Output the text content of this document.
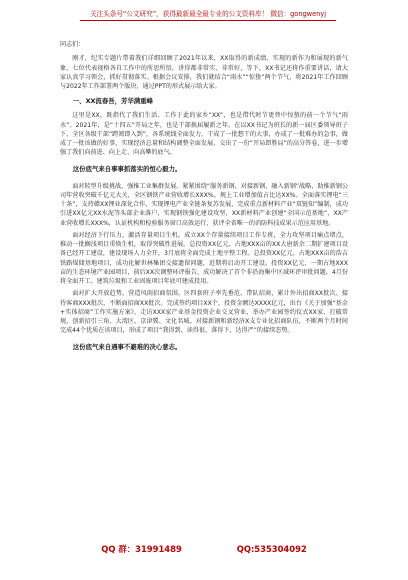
关注头条号“公文研究”，获得最新最全最专业的公文资料库！ 微信：gongwenyj

同志们：

刚才，纪实专题片带着我们详细回顾了2021年以来，XX取得的新成绩、实现的新作为和展现的新气象，七位代表视格各自工作中的所思所悟，讲得都非常实、非常好，等下，XX书记还将作重要讲话，请大家认真学习领会，抓好贯彻落实。根据会议安排，我们就结合“雨水”“惊蛰”两个节气，将2021年工作回顾与2022年工作部署两个版块，通过PPT的形式展示给大家。

一、XX流春吾，芳华满重峰

这里是XX，既指代了我们生活、工作于此的家乡“XX”，也是借代时节更替中惊蛰的前一个节气“雨水”。2021年，是“十四五”开局之年，也是干部换届履新之年。在以XX书记为班长的新一届区委领导班子下，全区各级干部“跨阅即入到”，各系统线全面发力，干成了一批想干的大事，办成了一批难办的急事，做成了一批该做的好事，实现经济总量和结构调整全面发展，交出了一份“开局即胜局”的高分答卷，进一步增强了我们向前进、向上走、向高攀的底气。

这份底气来自事事抓落实的恒心毅力。

面对转型升级挑战，强推工业集群发展。紧紧围绕“服务新钢、对接新钢、融入新钢”战略，助推新钢公司年营收突破千亿元大关，全区钢铁产业营收增长XXX%。规上工业增加值占比达XX%。全面落实锂电“三十条”，支持赣XX锂业深化合作，实现锂电产业全链条复苏发展，完成重点新材料产业“双链知”编制，成功引进XX亿元XX水泥等头部企业落户，实现钢铁强化建设攻坚，XX新材料产业创建“全国示范基地”，XX产业营收增长XXX%，认证机构和检验服务窗口高效运行，获评全省唯一的消防科技成果示范应用基地。

面对经济下行压力，激活存量项目生机。成立XX个存量接续项目工作专班，全力攻坚项目痛点堵点，推动一批搁浅项目重焕生机，取得突破性进展。总投资XX亿元、占地XXX亩的XX大唐新余二期扩建项目设备已经开工建设，建设现场人力全开，3月底将全面完成土地平整工程。总投资XX亿元、占地XXX亩的浩吉铁路煤储基地项目，成功化解世林集团交接遗留问题，近期将启动开工建设。投资XX亿元、一期占地XXX亩的生态环境产业园项目，前后XX次调整环评报告，成功解决了首个非沿海集中区域环评审批问题，4月份将全面开工。建筑垃圾和工业固废项目年底可建成投用。

面对扩大开放趋势，营造风雨招商氛围。区四套班子率先垂范、带队招商，累计外出招商XX批次、接待客商XXX批次，不断面招商XX批次。完成签约项目XX个、投资金额达XXXX亿元，出台《关于加强“基金+实体招商”工作实施方案》，走访XXX家产业基金投资企业交叉营业，举办产业园签约仪式XX家，打破常规，创新招引三角、大湾区、京津冀、文化名城。对接新钢和新经济X支专业化招商队伍，不断两个月时间完成44个优质在该项目，形成了项目“我得到、读得很、落得下、达得严”的接续态势。

这份底气来自遇事不避难的决心意志。
QQ 群：31991489	QQ:535304092
